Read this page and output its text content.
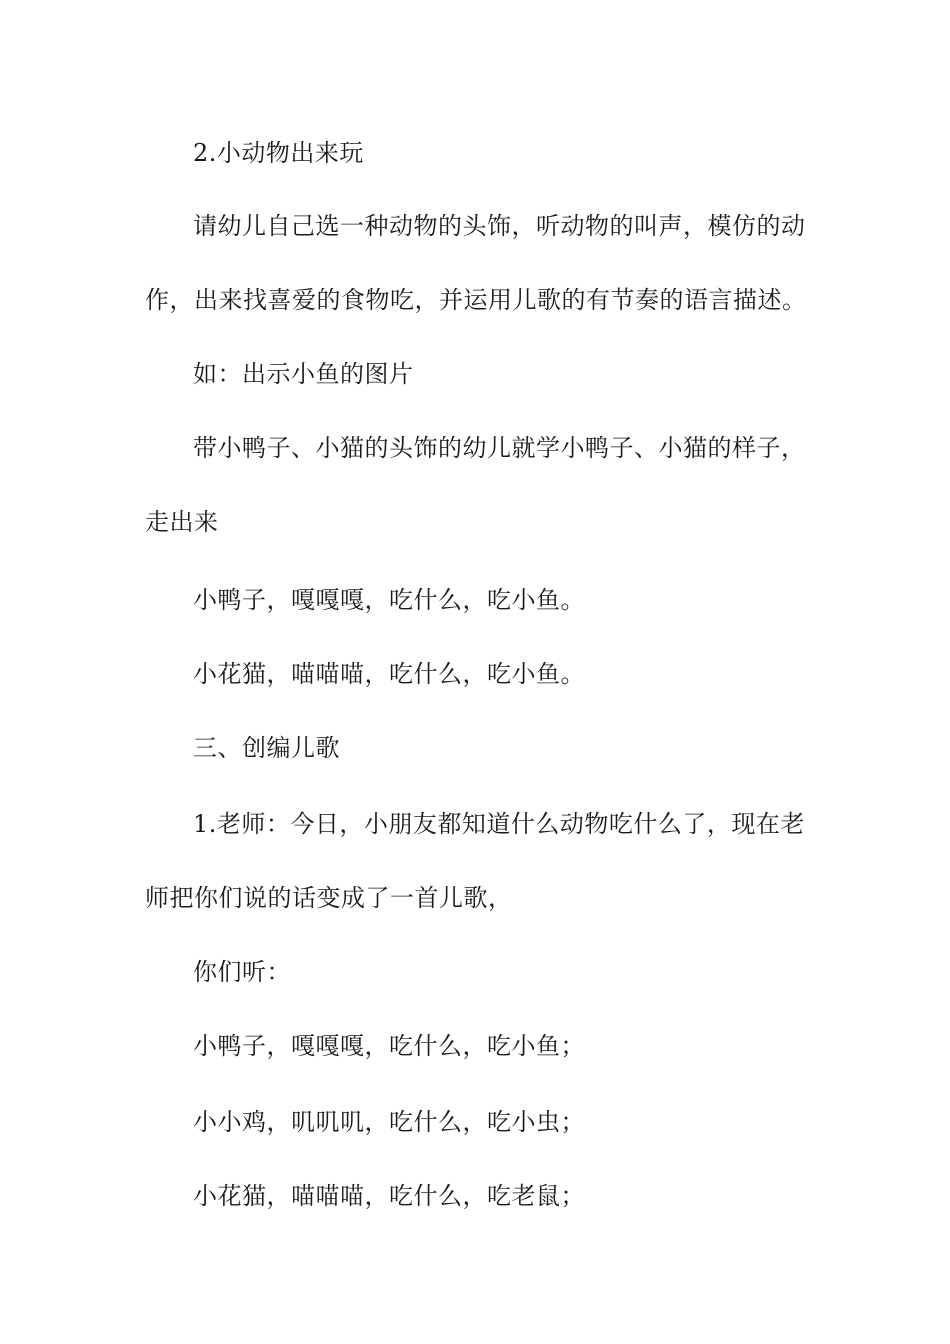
2.小动物出来玩
请幼儿自己选一种动物的头饰，听动物的叫声，模仿的动
作，出来找喜爱的食物吃，并运用儿歌的有节奏的语言描述。
如：出示小鱼的图片
带小鸭子、小猫的头饰的幼儿就学小鸭子、小猫的样子，
走出来
小鸭子，嘎嘎嘎，吃什么，吃小鱼。
小花猫，喵喵喵，吃什么，吃小鱼。
三、创编儿歌
1.老师：今日，小朋友都知道什么动物吃什么了，现在老
师把你们说的话变成了一首儿歌，
你们听：
小鸭子，嘎嘎嘎，吃什么，吃小鱼；
小小鸡，叽叽叽，吃什么，吃小虫；
小花猫，喵喵喵，吃什么，吃老鼠；
